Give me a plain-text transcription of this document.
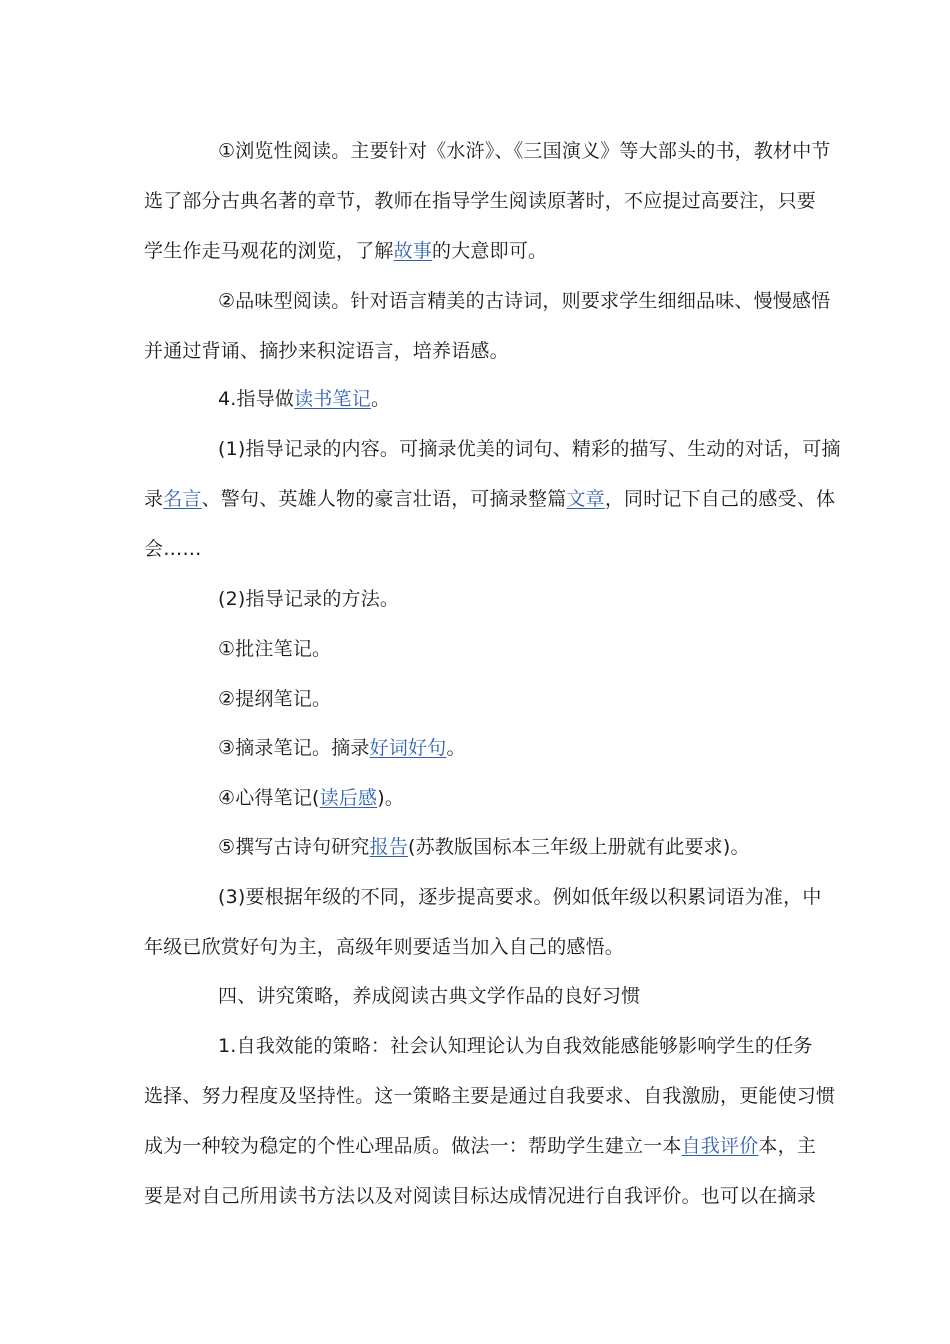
①浏览性阅读。主要针对《水浒》、《三国演义》等大部头的书，教材中节
选了部分古典名著的章节，教师在指导学生阅读原著时，不应提过高要注，只要
学生作走马观花的浏览，了解故事的大意即可。
②品味型阅读。针对语言精美的古诗词，则要求学生细细品味、慢慢感悟
并通过背诵、摘抄来积淀语言，培养语感。
4.指导做读书笔记。
(1)指导记录的内容。可摘录优美的词句、精彩的描写、生动的对话，可摘
录名言、警句、英雄人物的豪言壮语，可摘录整篇文章，同时记下自己的感受、体
会……
(2)指导记录的方法。
①批注笔记。
②提纲笔记。
③摘录笔记。摘录好词好句。
④心得笔记(读后感)。
⑤撰写古诗句研究报告(苏教版国标本三年级上册就有此要求)。
(3)要根据年级的不同，逐步提高要求。例如低年级以积累词语为准，中
年级已欣赏好句为主，高级年则要适当加入自己的感悟。
四、讲究策略，养成阅读古典文学作品的良好习惯
1.自我效能的策略：社会认知理论认为自我效能感能够影响学生的任务
选择、努力程度及坚持性。这一策略主要是通过自我要求、自我激励，更能使习惯
成为一种较为稳定的个性心理品质。做法一：帮助学生建立一本自我评价本，主
要是对自己所用读书方法以及对阅读目标达成情况进行自我评价。也可以在摘录
